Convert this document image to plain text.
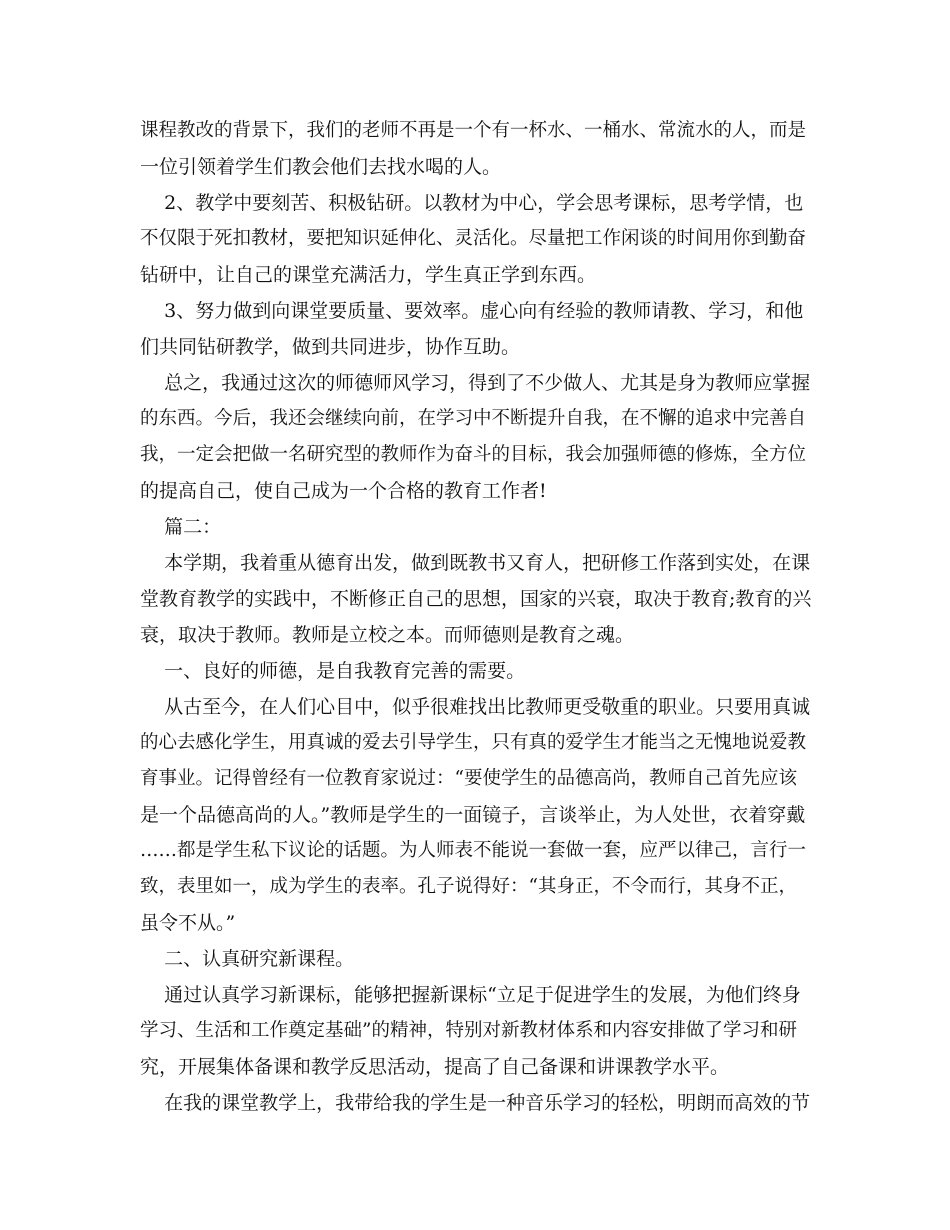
课程教改的背景下，我们的老师不再是一个有一杯水、一桶水、常流水的人，而是
一位引领着学生们教会他们去找水喝的人。
2、教学中要刻苦、积极钻研。以教材为中心，学会思考课标，思考学情，也
不仅限于死扣教材，要把知识延伸化、灵活化。尽量把工作闲谈的时间用你到勤奋
钻研中，让自己的课堂充满活力，学生真正学到东西。
3、努力做到向课堂要质量、要效率。虚心向有经验的教师请教、学习，和他
们共同钻研教学，做到共同进步，协作互助。
总之，我通过这次的师德师风学习，得到了不少做人、尤其是身为教师应掌握
的东西。今后，我还会继续向前，在学习中不断提升自我，在不懈的追求中完善自
我，一定会把做一名研究型的教师作为奋斗的目标，我会加强师德的修炼，全方位
的提高自己，使自己成为一个合格的教育工作者!
篇二：
本学期，我着重从德育出发，做到既教书又育人，把研修工作落到实处，在课
堂教育教学的实践中，不断修正自己的思想，国家的兴衰，取决于教育;教育的兴
衰，取决于教师。教师是立校之本。而师德则是教育之魂。
一、良好的师德，是自我教育完善的需要。
从古至今，在人们心目中，似乎很难找出比教师更受敬重的职业。只要用真诚
的心去感化学生，用真诚的爱去引导学生，只有真的爱学生才能当之无愧地说爱教
育事业。记得曾经有一位教育家说过：“要使学生的品德高尚，教师自己首先应该
是一个品德高尚的人。”教师是学生的一面镜子，言谈举止，为人处世，衣着穿戴
……都是学生私下议论的话题。为人师表不能说一套做一套，应严以律己，言行一
致，表里如一，成为学生的表率。孔子说得好：“其身正，不令而行，其身不正，
虽令不从。”
二、认真研究新课程。
通过认真学习新课标，能够把握新课标“立足于促进学生的发展，为他们终身
学习、生活和工作奠定基础”的精神，特别对新教材体系和内容安排做了学习和研
究，开展集体备课和教学反思活动，提高了自己备课和讲课教学水平。
在我的课堂教学上，我带给我的学生是一种音乐学习的轻松，明朗而高效的节
